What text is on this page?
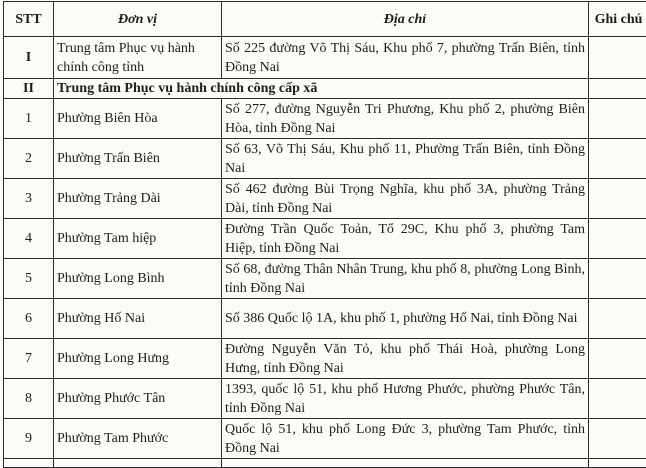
STT	Đơn vị	Địa chỉ	Ghi chú
I	Trung tâm Phục vụ hành chính công tỉnh	Số 225 đường Võ Thị Sáu, Khu phố 7, phường Trấn Biên, tỉnh Đồng Nai	
II	Trung tâm Phục vụ hành chính công cấp xã		
1	Phường Biên Hòa	Số 277, đường Nguyễn Tri Phương, Khu phố 2, phường Biên Hòa, tỉnh Đồng Nai	
2	Phường Trấn Biên	Số 63, Võ Thị Sáu, Khu phố 11, Phường Trấn Biên, tỉnh Đồng Nai	
3	Phường Trảng Dài	Số 462 đường Bùi Trọng Nghĩa, khu phố 3A, phường Trảng Dài, tỉnh Đồng Nai	
4	Phường Tam hiệp	Đường Trần Quốc Toản, Tổ 29C, Khu phố 3, phường Tam Hiệp, tỉnh Đồng Nai	
5	Phường Long Bình	Số 68, đường Thân Nhân Trung, khu phố 8, phường Long Bình, tỉnh Đồng Nai	
6	Phường Hố Nai	Số 386 Quốc lộ 1A, khu phố 1, phường Hố Nai, tỉnh Đồng Nai	
7	Phường Long Hưng	Đường Nguyễn Văn Tỏ, khu phố Thái Hoà, phường Long Hưng, tỉnh Đồng Nai	
8	Phường Phước Tân	1393, quốc lộ 51, khu phố Hương Phước, phường Phước Tân, tỉnh Đồng Nai	
9	Phường Tam Phước	Quốc lộ 51, khu phố Long Đức 3, phường Tam Phước, tỉnh Đồng Nai	
